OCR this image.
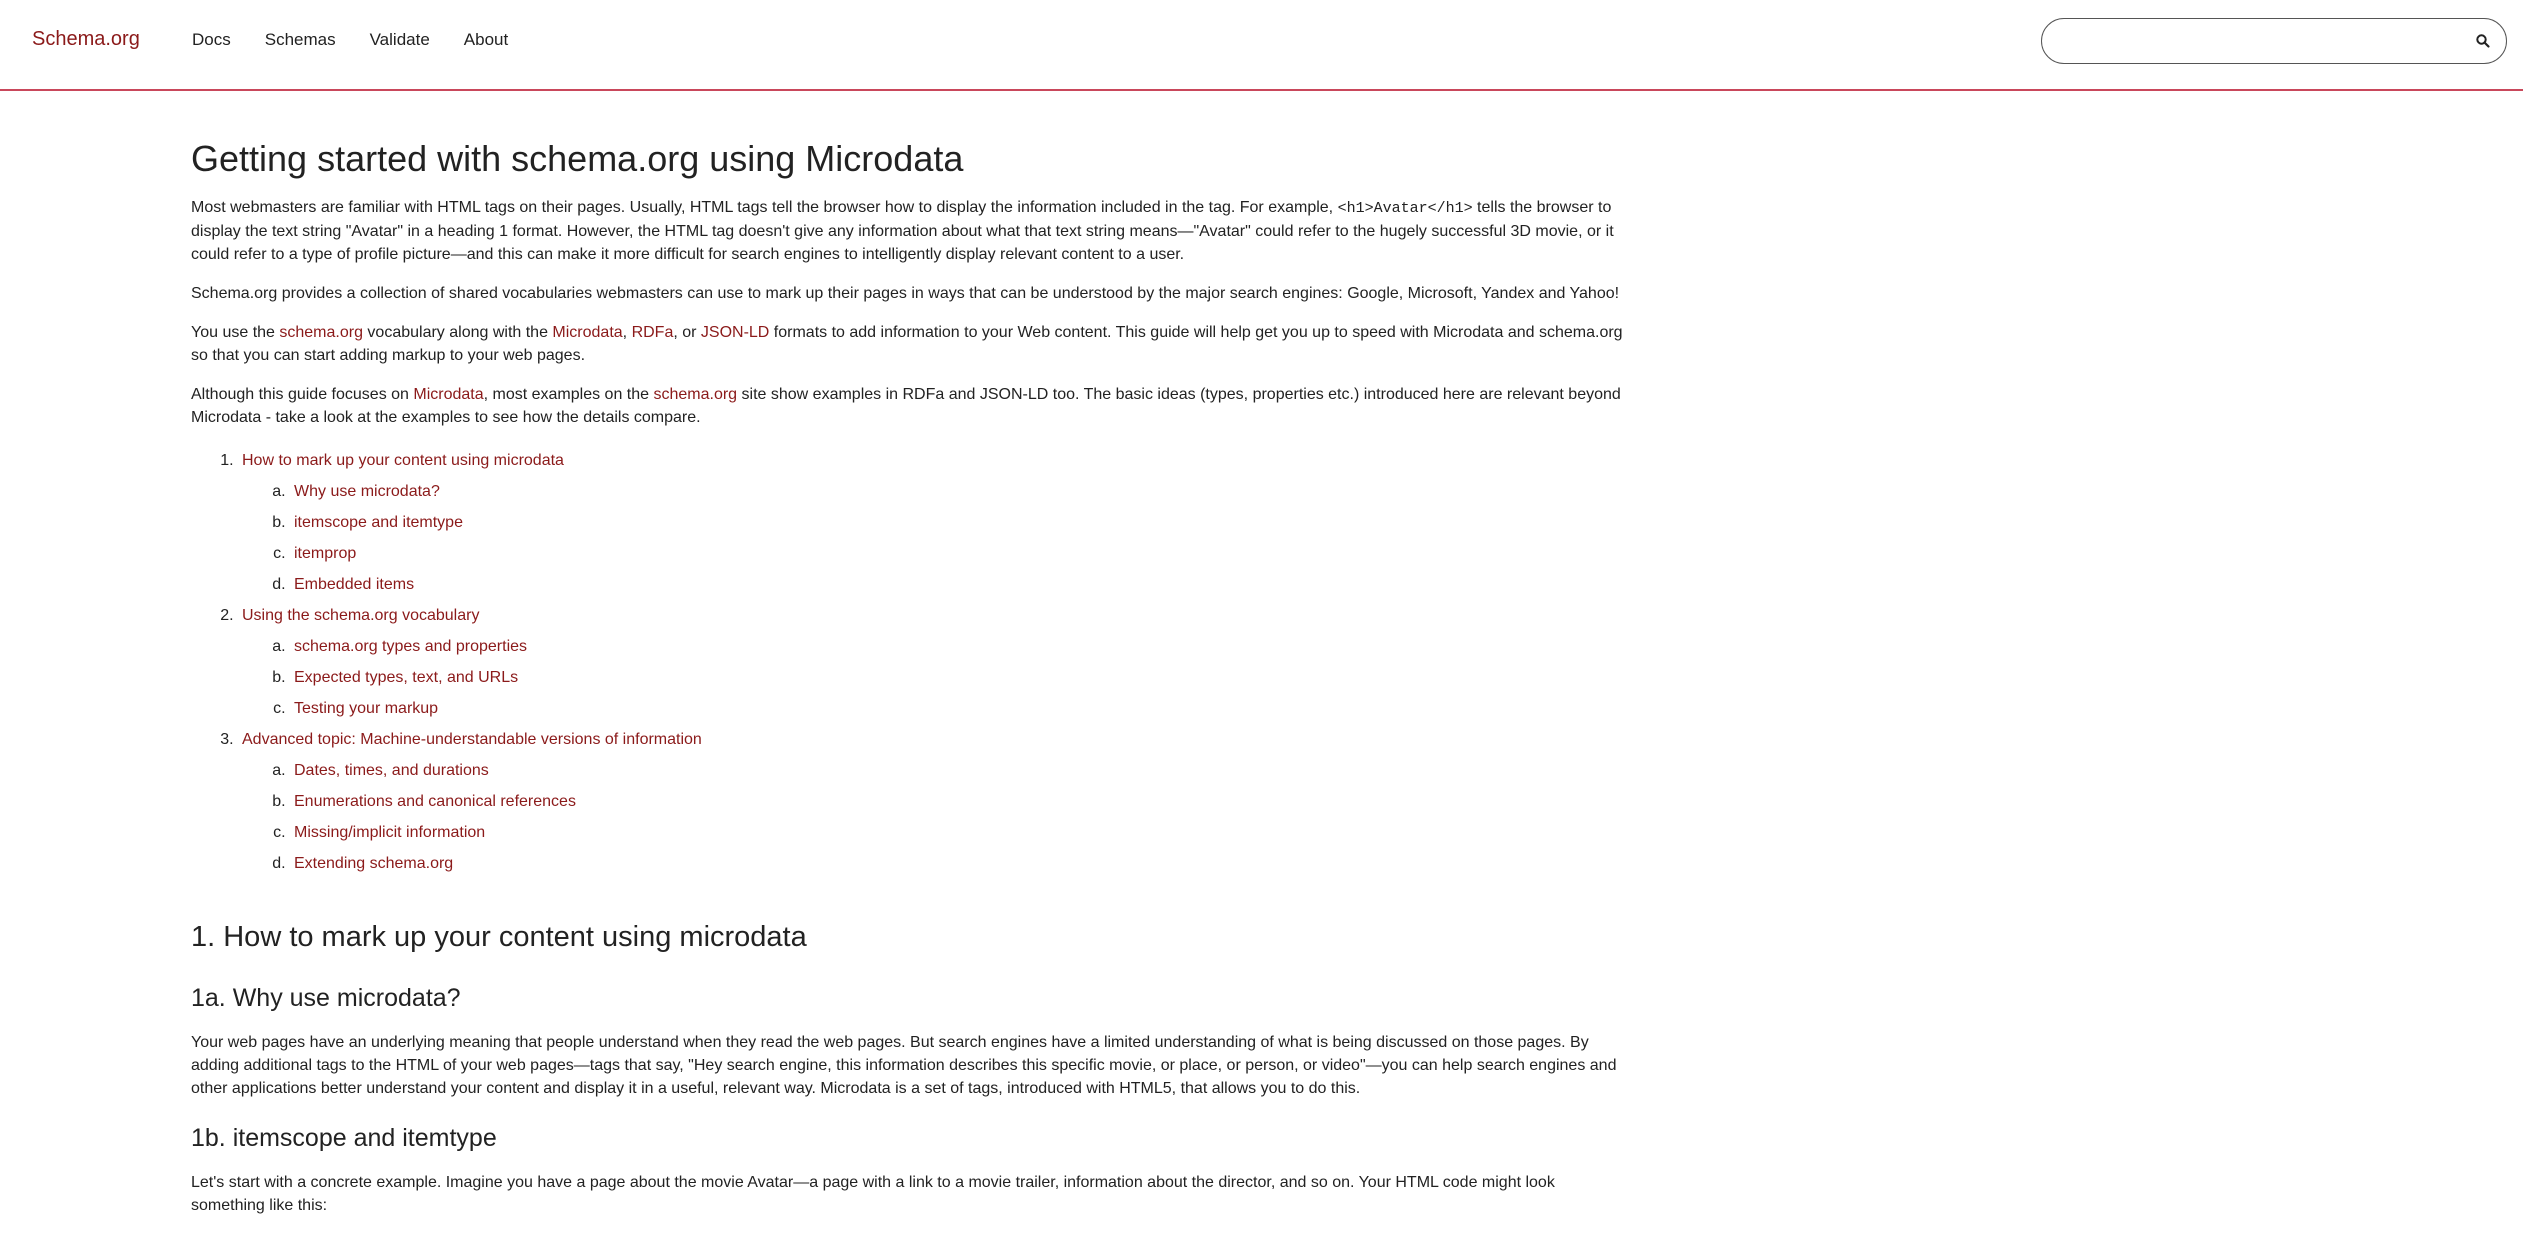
Schema.org	Docs Schemas Validate About
Getting started with schema.org using Microdata

Most webmasters are familiar with HTML tags on their pages. Usually, HTML tags tell the browser how to display the information included in the tag. For example, <h1>Avatar</h1> tells the browser to display the text string "Avatar" in a heading 1 format. However, the HTML tag doesn't give any information about what that text string means—"Avatar" could refer to the hugely successful 3D movie, or it could refer to a type of profile picture—and this can make it more difficult for search engines to intelligently display relevant content to a user.

Schema.org provides a collection of shared vocabularies webmasters can use to mark up their pages in ways that can be understood by the major search engines: Google, Microsoft, Yandex and Yahoo!

You use the schema.org vocabulary along with the Microdata, RDFa, or JSON-LD formats to add information to your Web content. This guide will help get you up to speed with Microdata and schema.org so that you can start adding markup to your web pages.

Although this guide focuses on Microdata, most examples on the schema.org site show examples in RDFa and JSON-LD too. The basic ideas (types, properties etc.) introduced here are relevant beyond Microdata - take a look at the examples to see how the details compare.

1. How to mark up your content using microdata
a. Why use microdata?
b. itemscope and itemtype
c. itemprop
d. Embedded items
2. Using the schema.org vocabulary
a. schema.org types and properties
b. Expected types, text, and URLs
c. Testing your markup
3. Advanced topic: Machine-understandable versions of information
a. Dates, times, and durations
b. Enumerations and canonical references
c. Missing/implicit information
d. Extending schema.org
1. How to mark up your content using microdata
1a. Why use microdata?

Your web pages have an underlying meaning that people understand when they read the web pages. But search engines have a limited understanding of what is being discussed on those pages. By adding additional tags to the HTML of your web pages—tags that say, "Hey search engine, this information describes this specific movie, or place, or person, or video"—you can help search engines and other applications better understand your content and display it in a useful, relevant way. Microdata is a set of tags, introduced with HTML5, that allows you to do this.

1b. itemscope and itemtype

Let's start with a concrete example. Imagine you have a page about the movie Avatar—a page with a link to a movie trailer, information about the director, and so on. Your HTML code might look something like this:
